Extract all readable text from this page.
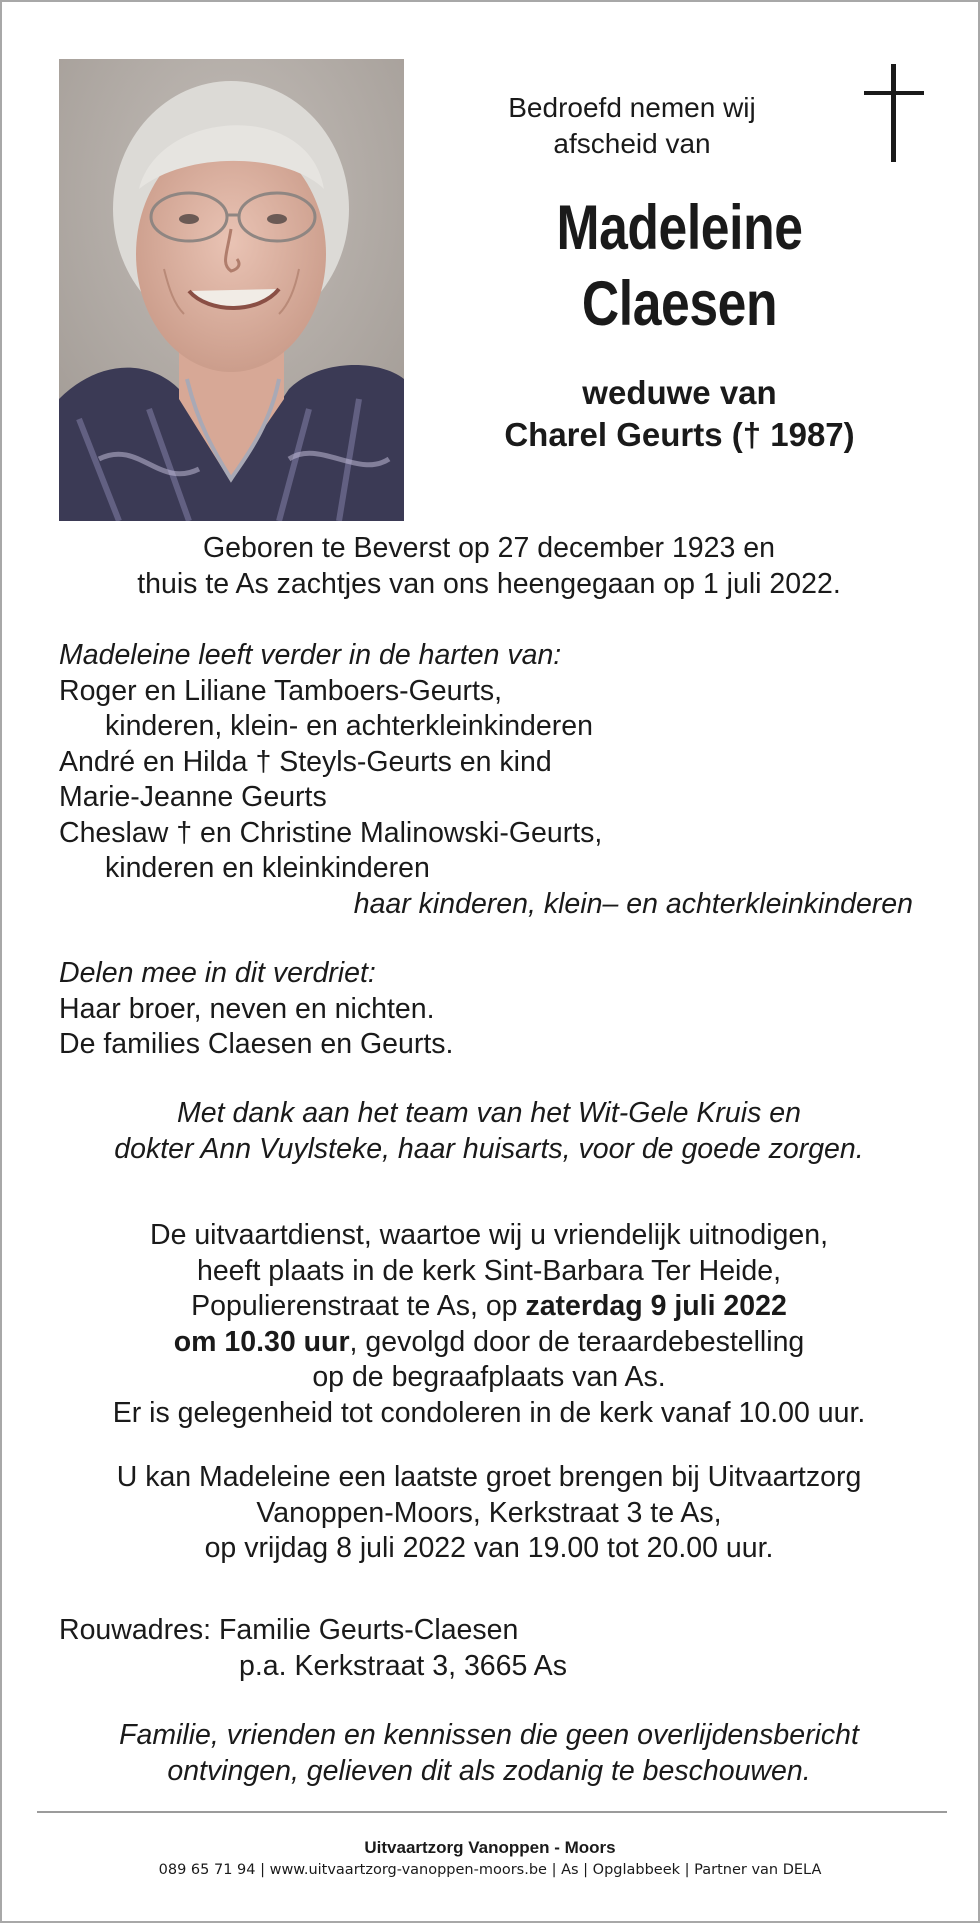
Bedroefd nemen wij
afscheid van
Madeleine
Claesen
weduwe van
Charel Geurts († 1987)
Geboren te Beverst op 27 december 1923 en
thuis te As zachtjes van ons heengegaan op 1 juli 2022.
Madeleine leeft verder in de harten van:
Roger en Liliane Tamboers-Geurts,
kinderen, klein- en achterkleinkinderen
André en Hilda † Steyls-Geurts en kind
Marie-Jeanne Geurts
Cheslaw † en Christine Malinowski-Geurts,
kinderen en kleinkinderen
haar kinderen, klein– en achterkleinkinderen
Delen mee in dit verdriet:
Haar broer, neven en nichten.
De families Claesen en Geurts.
Met dank aan het team van het Wit-Gele Kruis en
dokter Ann Vuylsteke, haar huisarts, voor de goede zorgen.
De uitvaartdienst, waartoe wij u vriendelijk uitnodigen,
heeft plaats in de kerk Sint-Barbara Ter Heide,
Populierenstraat te As, op zaterdag 9 juli 2022
om 10.30 uur, gevolgd door de teraardebestelling
op de begraafplaats van As.
Er is gelegenheid tot condoleren in de kerk vanaf 10.00 uur.
U kan Madeleine een laatste groet brengen bij Uitvaartzorg
Vanoppen-Moors, Kerkstraat 3 te As,
op vrijdag 8 juli 2022 van 19.00 tot 20.00 uur.
Rouwadres: Familie Geurts-Claesen
p.a. Kerkstraat 3, 3665 As
Familie, vrienden en kennissen die geen overlijdensbericht
ontvingen, gelieven dit als zodanig te beschouwen.
Uitvaartzorg Vanoppen - Moors
089 65 71 94 | www.uitvaartzorg-vanoppen-moors.be | As | Opglabbeek | Partner van DELA
